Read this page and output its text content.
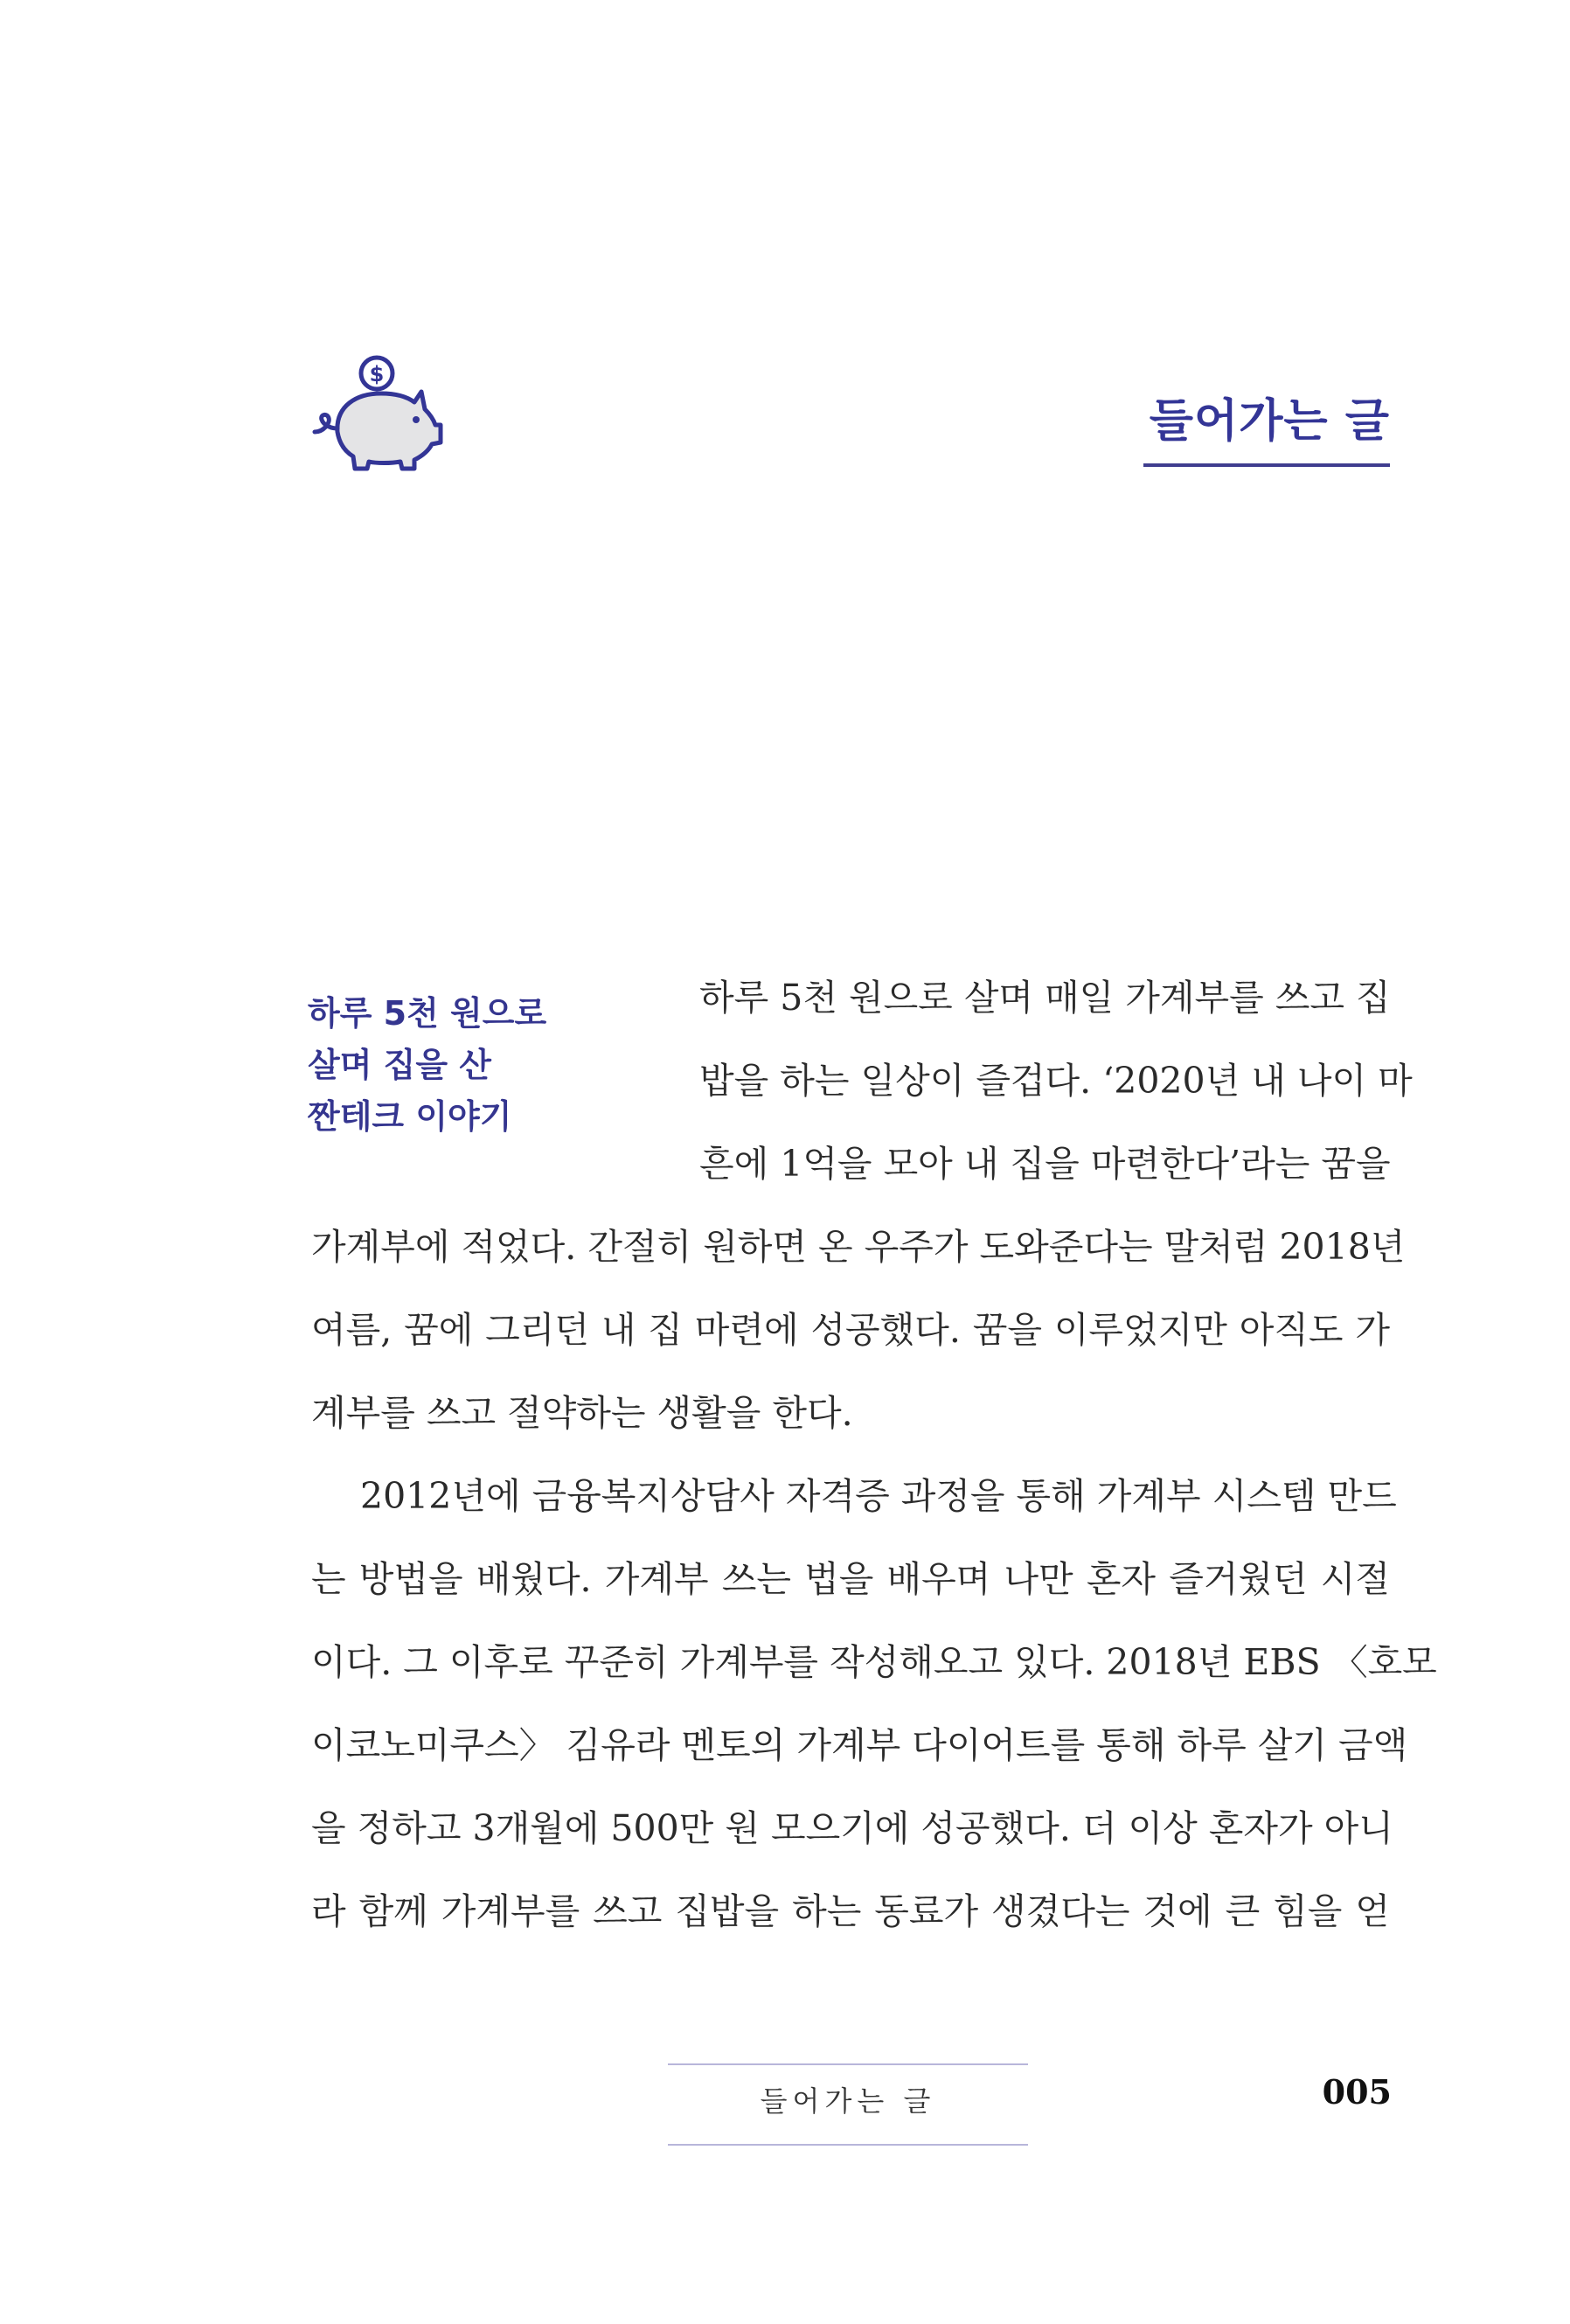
$
들어가는 글
하루 5천 원으로
살며 집을 산
짠테크 이야기
하루 5천 원으로 살며 매일 가계부를 쓰고 집
밥을 하는 일상이 즐겁다. ‘2020년 내 나이 마
흔에 1억을 모아 내 집을 마련한다’라는 꿈을
가계부에 적었다. 간절히 원하면 온 우주가 도와준다는 말처럼 2018년
여름, 꿈에 그리던 내 집 마련에 성공했다. 꿈을 이루었지만 아직도 가
계부를 쓰고 절약하는 생활을 한다.
2012년에 금융복지상담사 자격증 과정을 통해 가계부 시스템 만드
는 방법을 배웠다. 가계부 쓰는 법을 배우며 나만 혼자 즐거웠던 시절
이다. 그 이후로 꾸준히 가계부를 작성해오고 있다. 2018년 EBS 〈호모
이코노미쿠스〉 김유라 멘토의 가계부 다이어트를 통해 하루 살기 금액
을 정하고 3개월에 500만 원 모으기에 성공했다. 더 이상 혼자가 아니
라 함께 가계부를 쓰고 집밥을 하는 동료가 생겼다는 것에 큰 힘을 얻
들어가는 글	005
